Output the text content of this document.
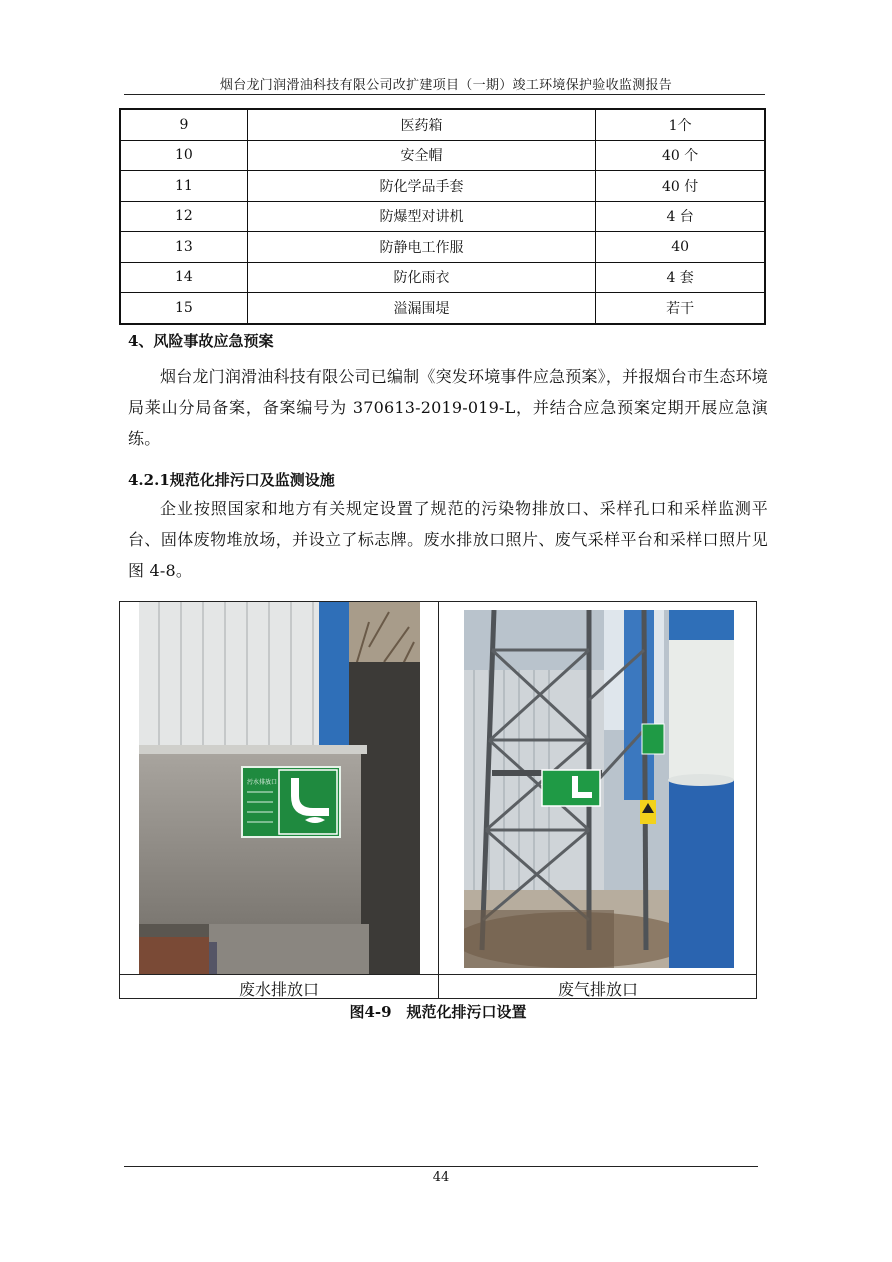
烟台龙门润滑油科技有限公司改扩建项目（一期）竣工环境保护验收监测报告
9	医药箱	1个
10	安全帽	40 个
11	防化学品手套	40 付
12	防爆型对讲机	4 台
13	防静电工作服	40
14	防化雨衣	4 套
15	溢漏围堤	若干
4、风险事故应急预案
烟台龙门润滑油科技有限公司已编制《突发环境事件应急预案》，并报烟台市生态环境局莱山分局备案，备案编号为 370613-2019-019-L，并结合应急预案定期开展应急演练。
4.2.1规范化排污口及监测设施
企业按照国家和地方有关规定设置了规范的污染物排放口、采样孔口和采样监测平台、固体废物堆放场，并设立了标志牌。废水排放口照片、废气采样平台和采样口照片见图 4-8。
污水排放口
废水排放口	废气排放口
图4-9　规范化排污口设置
44
